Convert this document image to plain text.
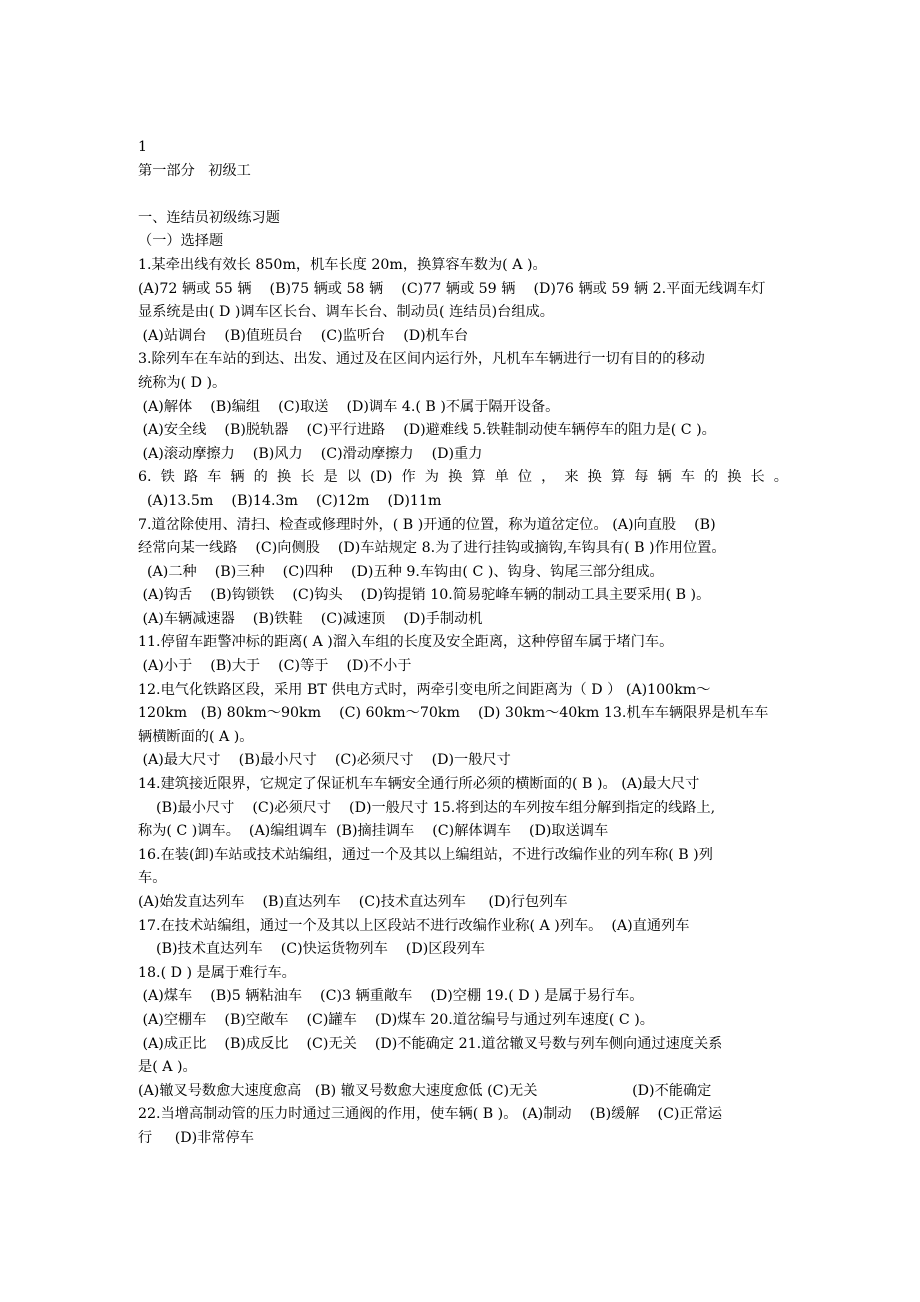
1
第一部分   初级工
一、连结员初级练习题
（一）选择题
1.某牵出线有效长 850m，机车长度 20m，换算容车数为( A )。
(A)72 辆或 55 辆    (B)75 辆或 58 辆    (C)77 辆或 59 辆    (D)76 辆或 59 辆 2.平面无线调车灯
显系统是由( D )调车区长台、调车长台、制动员( 连结员)台组成。
(A)站调台    (B)值班员台    (C)监听台    (D)机车台
3.除列车在车站的到达、出发、通过及在区间内运行外，凡机车车辆进行一切有目的的移动
统称为( D )。
(A)解体    (B)编组    (C)取送    (D)调车 4.( B )不属于隔开设备。
(A)安全线    (B)脱轨器    (C)平行进路    (D)避难线 5.铁鞋制动使车辆停车的阻力是( C )。
(A)滚动摩擦力    (B)风力    (C)滑动摩擦力    (D)重力
6.铁路车辆的换长是以(D)作为换算单位，来换算每辆车的换长。
(A)13.5m    (B)14.3m    (C)12m    (D)11m
7.道岔除使用、清扫、检查或修理时外，( B )开通的位置，称为道岔定位。 (A)向直股    (B)
经常向某一线路    (C)向侧股    (D)车站规定 8.为了进行挂钩或摘钩,车钩具有( B )作用位置。
(A)二种    (B)三种    (C)四种    (D)五种 9.车钩由( C )、钩身、钩尾三部分组成。
(A)钩舌    (B)钩锁铁    (C)钩头    (D)钩提销 10.简易驼峰车辆的制动工具主要采用( B )。
(A)车辆减速器    (B)铁鞋    (C)减速顶    (D)手制动机
11.停留车距警冲标的距离( A )溜入车组的长度及安全距离，这种停留车属于堵门车。
(A)小于    (B)大于    (C)等于    (D)不小于
12.电气化铁路区段，采用 BT 供电方式时，两牵引变电所之间距离为（ D ） (A)100km～
120km   (B) 80km～90km    (C) 60km～70km    (D) 30km～40km 13.机车车辆限界是机车车
辆横断面的( A )。
(A)最大尺寸    (B)最小尺寸    (C)必须尺寸    (D)一般尺寸
14.建筑接近限界，它规定了保证机车车辆安全通行所必须的横断面的( B )。 (A)最大尺寸
(B)最小尺寸    (C)必须尺寸    (D)一般尺寸 15.将到达的车列按车组分解到指定的线路上,
称为( C )调车。  (A)编组调车  (B)摘挂调车    (C)解体调车    (D)取送调车
16.在装(卸)车站或技术站编组，通过一个及其以上编组站，不进行改编作业的列车称( B )列
车。
(A)始发直达列车    (B)直达列车    (C)技术直达列车     (D)行包列车
17.在技术站编组，通过一个及其以上区段站不进行改编作业称( A )列车。  (A)直通列车
(B)技术直达列车    (C)快运货物列车    (D)区段列车
18.( D ) 是属于难行车。
(A)煤车    (B)5 辆粘油车    (C)3 辆重敞车    (D)空棚 19.( D ) 是属于易行车。
(A)空棚车    (B)空敞车    (C)罐车    (D)煤车 20.道岔编号与通过列车速度( C )。
(A)成正比    (B)成反比    (C)无关    (D)不能确定 21.道岔辙叉号数与列车侧向通过速度关系
是( A )。
(A)辙叉号数愈大速度愈高   (B) 辙叉号数愈大速度愈低 (C)无关                     (D)不能确定
22.当增高制动管的压力时通过三通阀的作用，使车辆( B )。 (A)制动    (B)缓解    (C)正常运
行     (D)非常停车
